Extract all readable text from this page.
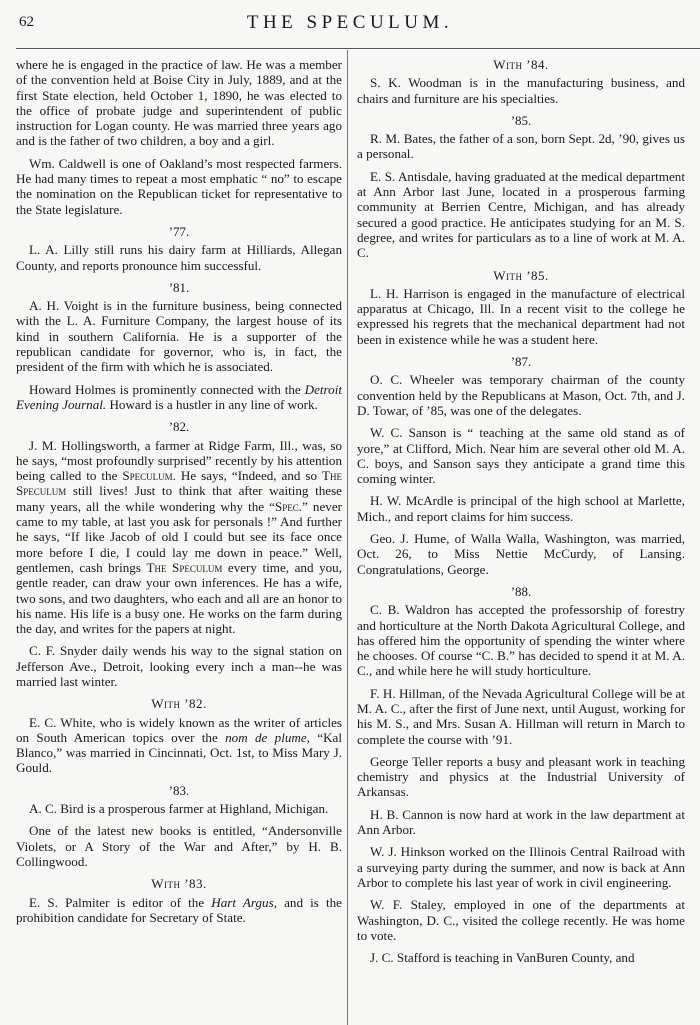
62	THE SPECULUM.
where he is engaged in the practice of law. He was a member of the convention held at Boise City in July, 1889, and at the first State election, held October 1, 1890, he was elected to the office of probate judge and superintendent of public instruction for Logan county. He was married three years ago and is the father of two children, a boy and a girl.
Wm. Caldwell is one of Oakland’s most respected farmers. He had many times to repeat a most emphatic “ no” to escape the nomination on the Republican ticket for representative to the State legislature.
’77.
L. A. Lilly still runs his dairy farm at Hilliards, Allegan County, and reports pronounce him successful.
’81.
A. H. Voight is in the furniture business, being connected with the L. A. Furniture Company, the largest house of its kind in southern California. He is a supporter of the republican candidate for governor, who is, in fact, the president of the firm with which he is associated.
Howard Holmes is prominently connected with the Detroit Evening Journal. Howard is a hustler in any line of work.
’82.
J. M. Hollingsworth, a farmer at Ridge Farm, Ill., was, so he says, “most profoundly surprised” recently by his attention being called to the Speculum. He says, “Indeed, and so The Speculum still lives! Just to think that after waiting these many years, all the while wondering why the “Spec.” never came to my table, at last you ask for personals !” And further he says, “If like Jacob of old I could but see its face once more before I die, I could lay me down in peace.” Well, gentlemen, cash brings The Speculum every time, and you, gentle reader, can draw your own inferences. He has a wife, two sons, and two daughters, who each and all are an honor to his name. His life is a busy one. He works on the farm during the day, and writes for the papers at night.
C. F. Snyder daily wends his way to the signal station on Jefferson Ave., Detroit, looking every inch a man--he was married last winter.
With ’82.
E. C. White, who is widely known as the writer of articles on South American topics over the nom de plume, “Kal Blanco,” was married in Cincinnati, Oct. 1st, to Miss Mary J. Gould.
’83.
A. C. Bird is a prosperous farmer at Highland, Michigan.
One of the latest new books is entitled, “Andersonville Violets, or A Story of the War and After,” by H. B. Collingwood.
With ’83.
E. S. Palmiter is editor of the Hart Argus, and is the prohibition candidate for Secretary of State.
With ’84.
S. K. Woodman is in the manufacturing business, and chairs and furniture are his specialties.
’85.
R. M. Bates, the father of a son, born Sept. 2d, ’90, gives us a personal.
E. S. Antisdale, having graduated at the medical department at Ann Arbor last June, located in a prosperous farming community at Berrien Centre, Michigan, and has already secured a good practice. He anticipates studying for an M. S. degree, and writes for particulars as to a line of work at M. A. C.
With ’85.
L. H. Harrison is engaged in the manufacture of electrical apparatus at Chicago, Ill. In a recent visit to the college he expressed his regrets that the mechanical department had not been in existence while he was a student here.
’87.
O. C. Wheeler was temporary chairman of the county convention held by the Republicans at Mason, Oct. 7th, and J. D. Towar, of ’85, was one of the delegates.
W. C. Sanson is “ teaching at the same old stand as of yore,” at Clifford, Mich. Near him are several other old M. A. C. boys, and Sanson says they anticipate a grand time this coming winter.
H. W. McArdle is principal of the high school at Marlette, Mich., and report claims for him success.
Geo. J. Hume, of Walla Walla, Washington, was married, Oct. 26, to Miss Nettie McCurdy, of Lansing. Congratulations, George.
’88.
C. B. Waldron has accepted the professorship of forestry and horticulture at the North Dakota Agricultural College, and has offered him the opportunity of spending the winter where he chooses. Of course “C. B.” has decided to spend it at M. A. C., and while here he will study horticulture.
F. H. Hillman, of the Nevada Agricultural College will be at M. A. C., after the first of June next, until August, working for his M. S., and Mrs. Susan A. Hillman will return in March to complete the course with ’91.
George Teller reports a busy and pleasant work in teaching chemistry and physics at the Industrial University of Arkansas.
H. B. Cannon is now hard at work in the law department at Ann Arbor.
W. J. Hinkson worked on the Illinois Central Railroad with a surveying party during the summer, and now is back at Ann Arbor to complete his last year of work in civil engineering.
W. F. Staley, employed in one of the departments at Washington, D. C., visited the college recently. He was home to vote.
J. C. Stafford is teaching in VanBuren County, and
